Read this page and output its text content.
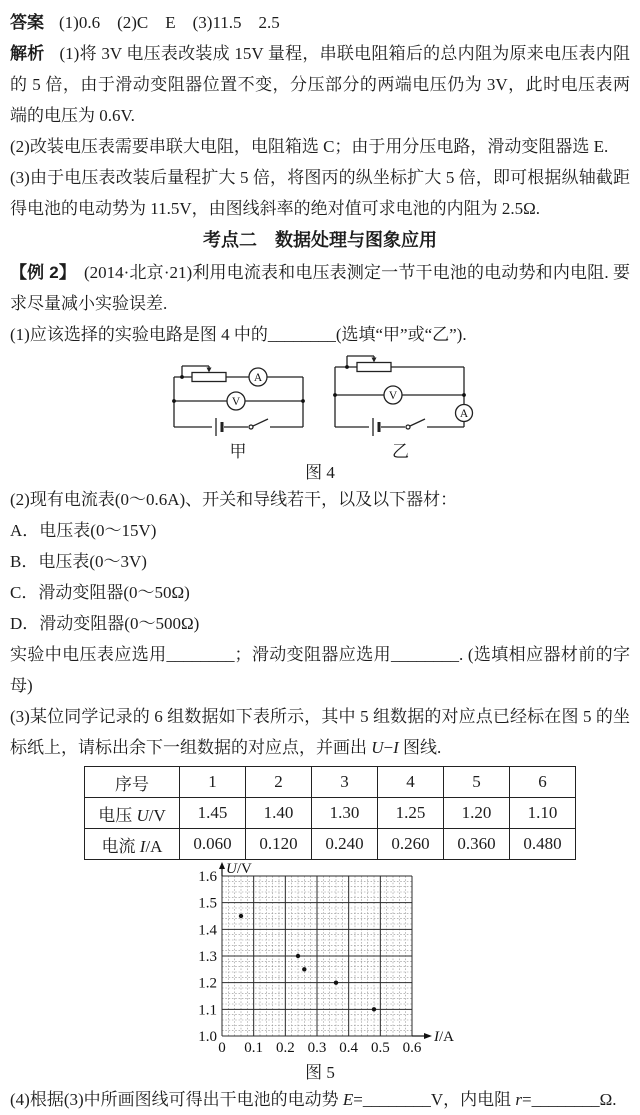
答案 (1)0.6　(2)C　E　(3)11.5　2.5

解析 (1)将 3V 电压表改装成 15V 量程，串联电阻箱后的总内阻为原来电压表内阻的 5 倍，由于滑动变阻器位置不变，分压部分的两端电压仍为 3V，此时电压表两端的电压为 0.6V.

(2)改装电压表需要串联大电阻，电阻箱选 C；由于用分压电路，滑动变阻器选 E.

(3)由于电压表改装后量程扩大 5 倍，将图丙的纵坐标扩大 5 倍，即可根据纵轴截距得电池的电动势为 11.5V，由图线斜率的绝对值可求电池的内阻为 2.5Ω.

考点二　数据处理与图象应用

【例 2】 (2014·北京·21)利用电流表和电压表测定一节干电池的电动势和内电阻. 要求尽量减小实验误差.

(1)应该选择的实验电路是图 4 中的________(选填“甲”或“乙”).

A
V
甲
A
V
乙
图 4

(2)现有电流表(0～0.6A)、开关和导线若干，以及以下器材：

A．电压表(0～15V)

B．电压表(0～3V)

C．滑动变阻器(0～50Ω)

D．滑动变阻器(0～500Ω)

实验中电压表应选用________；滑动变阻器应选用________. (选填相应器材前的字母)

(3)某位同学记录的 6 组数据如下表所示，其中 5 组数据的对应点已经标在图 5 的坐标纸上，请标出余下一组数据的对应点，并画出 U−I 图线.

序号	1	2	3	4	5	6
电压 U/V	1.45	1.40	1.30	1.25	1.20	1.10
电流 I/A	0.060	0.120	0.240	0.260	0.360	0.480
0 0.1 0.2 0.3 0.4 0.5 0.6
1.0
1.1
1.2
1.3
1.4
1.5
1.6 U/V
I/A
图 5

(4)根据(3)中所画图线可得出干电池的电动势 E=________V，内电阻 r=________Ω.
